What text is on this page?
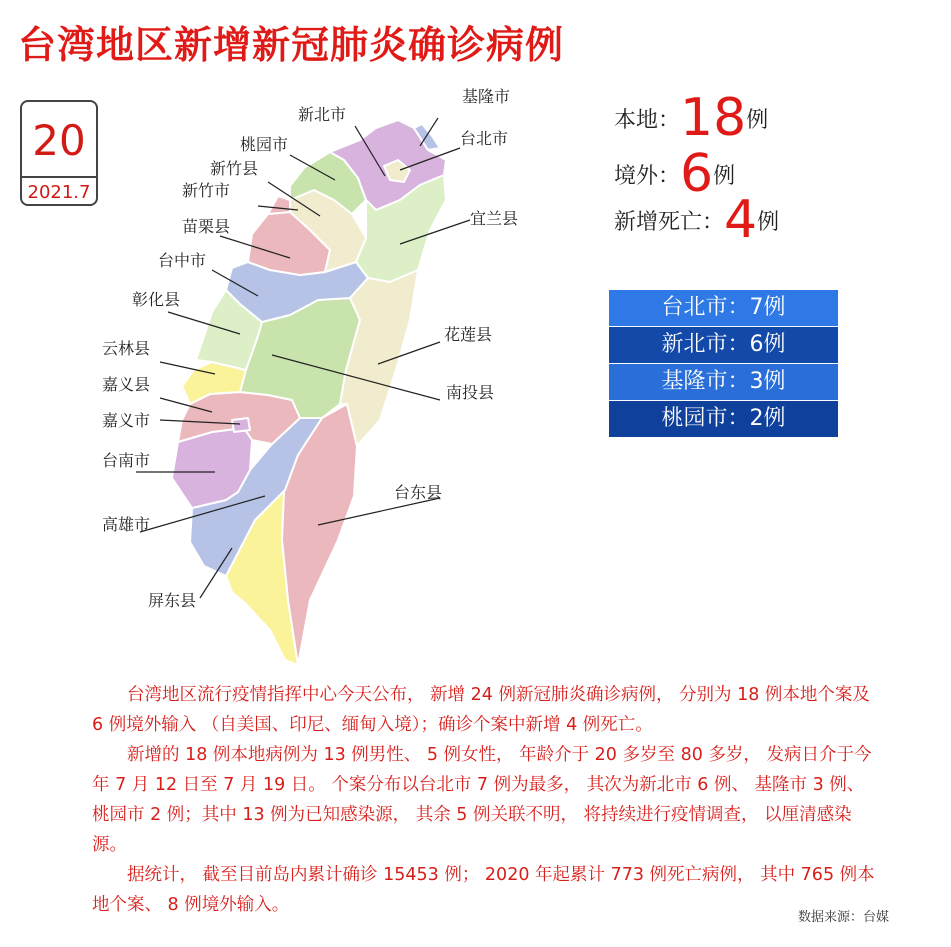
台湾地区新增新冠肺炎确诊病例
20
2021.7
本地：18例
境外：6例
新增死亡：4例
台北市：7例
新北市：6例
基隆市：3例
桃园市：2例
基隆市
新北市
台北市
桃园市
新竹县
新竹市
宜兰县
苗栗县
台中市
彰化县
花莲县
云林县
南投县
嘉义县
嘉义市
台南市
台东县
高雄市
屏东县

台湾地区流行疫情指挥中心今天公布， 新增 24 例新冠肺炎确诊病例， 分别为 18 例本地个案及 6 例境外输入 （自美国、印尼、缅甸入境）；确诊个案中新增 4 例死亡。

新增的 18 例本地病例为 13 例男性、 5 例女性， 年龄介于 20 多岁至 80 多岁， 发病日介于今年 7 月 12 日至 7 月 19 日。 个案分布以台北市 7 例为最多， 其次为新北市 6 例、 基隆市 3 例、 桃园市 2 例；其中 13 例为已知感染源， 其余 5 例关联不明， 将持续进行疫情调查， 以厘清感染源。

据统计， 截至目前岛内累计确诊 15453 例； 2020 年起累计 773 例死亡病例， 其中 765 例本地个案、 8 例境外输入。

数据来源：台媒
